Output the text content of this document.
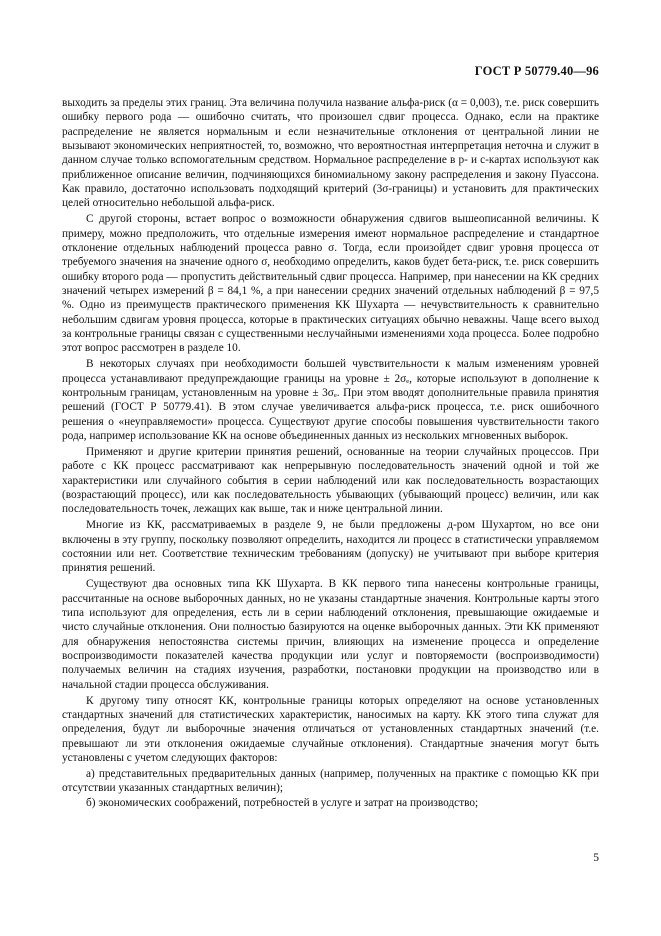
ГОСТ Р 50779.40—96

выходить за пределы этих границ. Эта величина получила название альфа-риск (α = 0,003), т.е. риск совершить ошибку первого рода — ошибочно считать, что произошел сдвиг процесса. Однако, если на практике распределение не является нормальным и если незначительные отклонения от центральной линии не вызывают экономических неприятностей, то, возможно, что вероятностная интерпретация неточна и служит в данном случае только вспомогательным средством. Нормальное распределение в p- и c-картах используют как приближенное описание величин, подчиняющихся биномиальному закону распределения и закону Пуассона. Как правило, достаточно использовать подходящий критерий (3σ-границы) и установить для практических целей относительно небольшой альфа-риск.

С другой стороны, встает вопрос о возможности обнаружения сдвигов вышеописанной величины. К примеру, можно предположить, что отдельные измерения имеют нормальное распределение и стандартное отклонение отдельных наблюдений процесса равно σ. Тогда, если произойдет сдвиг уровня процесса от требуемого значения на значение одного σ, необходимо определить, каков будет бета-риск, т.е. риск совершить ошибку второго рода — пропустить действительный сдвиг процесса. Например, при нанесении на КК средних значений четырех измерений β = 84,1 %, а при нанесении средних значений отдельных наблюдений β = 97,5 %. Одно из преимуществ практического применения КК Шухарта — нечувствительность к сравнительно небольшим сдвигам уровня процесса, которые в практических ситуациях обычно неважны. Чаще всего выход за контрольные границы связан с существенными неслучайными изменениями хода процесса. Более подробно этот вопрос рассмотрен в разделе 10.

В некоторых случаях при необходимости большей чувствительности к малым изменениям уровней процесса устанавливают предупреждающие границы на уровне ± 2σₑ, которые используют в дополнение к контрольным границам, установленным на уровне ± 3σₑ. При этом вводят дополнительные правила принятия решений (ГОСТ Р 50779.41). В этом случае увеличивается альфа-риск процесса, т.е. риск ошибочного решения о «неуправляемости» процесса. Существуют другие способы повышения чувствительности такого рода, например использование КК на основе объединенных данных из нескольких мгновенных выборок.

Применяют и другие критерии принятия решений, основанные на теории случайных процессов. При работе с КК процесс рассматривают как непрерывную последовательность значений одной и той же характеристики или случайного события в серии наблюдений или как последовательность возрастающих (возрастающий процесс), или как последовательность убывающих (убывающий процесс) величин, или как последовательность точек, лежащих как выше, так и ниже центральной линии.

Многие из КК, рассматриваемых в разделе 9, не были предложены д-ром Шухартом, но все они включены в эту группу, поскольку позволяют определить, находится ли процесс в статистически управляемом состоянии или нет. Соответствие техническим требованиям (допуску) не учитывают при выборе критерия принятия решений.

Существуют два основных типа КК Шухарта. В КК первого типа нанесены контрольные границы, рассчитанные на основе выборочных данных, но не указаны стандартные значения. Контрольные карты этого типа используют для определения, есть ли в серии наблюдений отклонения, превышающие ожидаемые и чисто случайные отклонения. Они полностью базируются на оценке выборочных данных. Эти КК применяют для обнаружения непостоянства системы причин, влияющих на изменение процесса и определение воспроизводимости показателей качества продукции или услуг и повторяемости (воспроизводимости) получаемых величин на стадиях изучения, разработки, постановки продукции на производство или в начальной стадии процесса обслуживания.

К другому типу относят КК, контрольные границы которых определяют на основе установленных стандартных значений для статистических характеристик, наносимых на карту. КК этого типа служат для определения, будут ли выборочные значения отличаться от установленных стандартных значений (т.е. превышают ли эти отклонения ожидаемые случайные отклонения). Стандартные значения могут быть установлены с учетом следующих факторов:

а) представительных предварительных данных (например, полученных на практике с помощью КК при отсутствии указанных стандартных величин);

б) экономических соображений, потребностей в услуге и затрат на производство;

5
